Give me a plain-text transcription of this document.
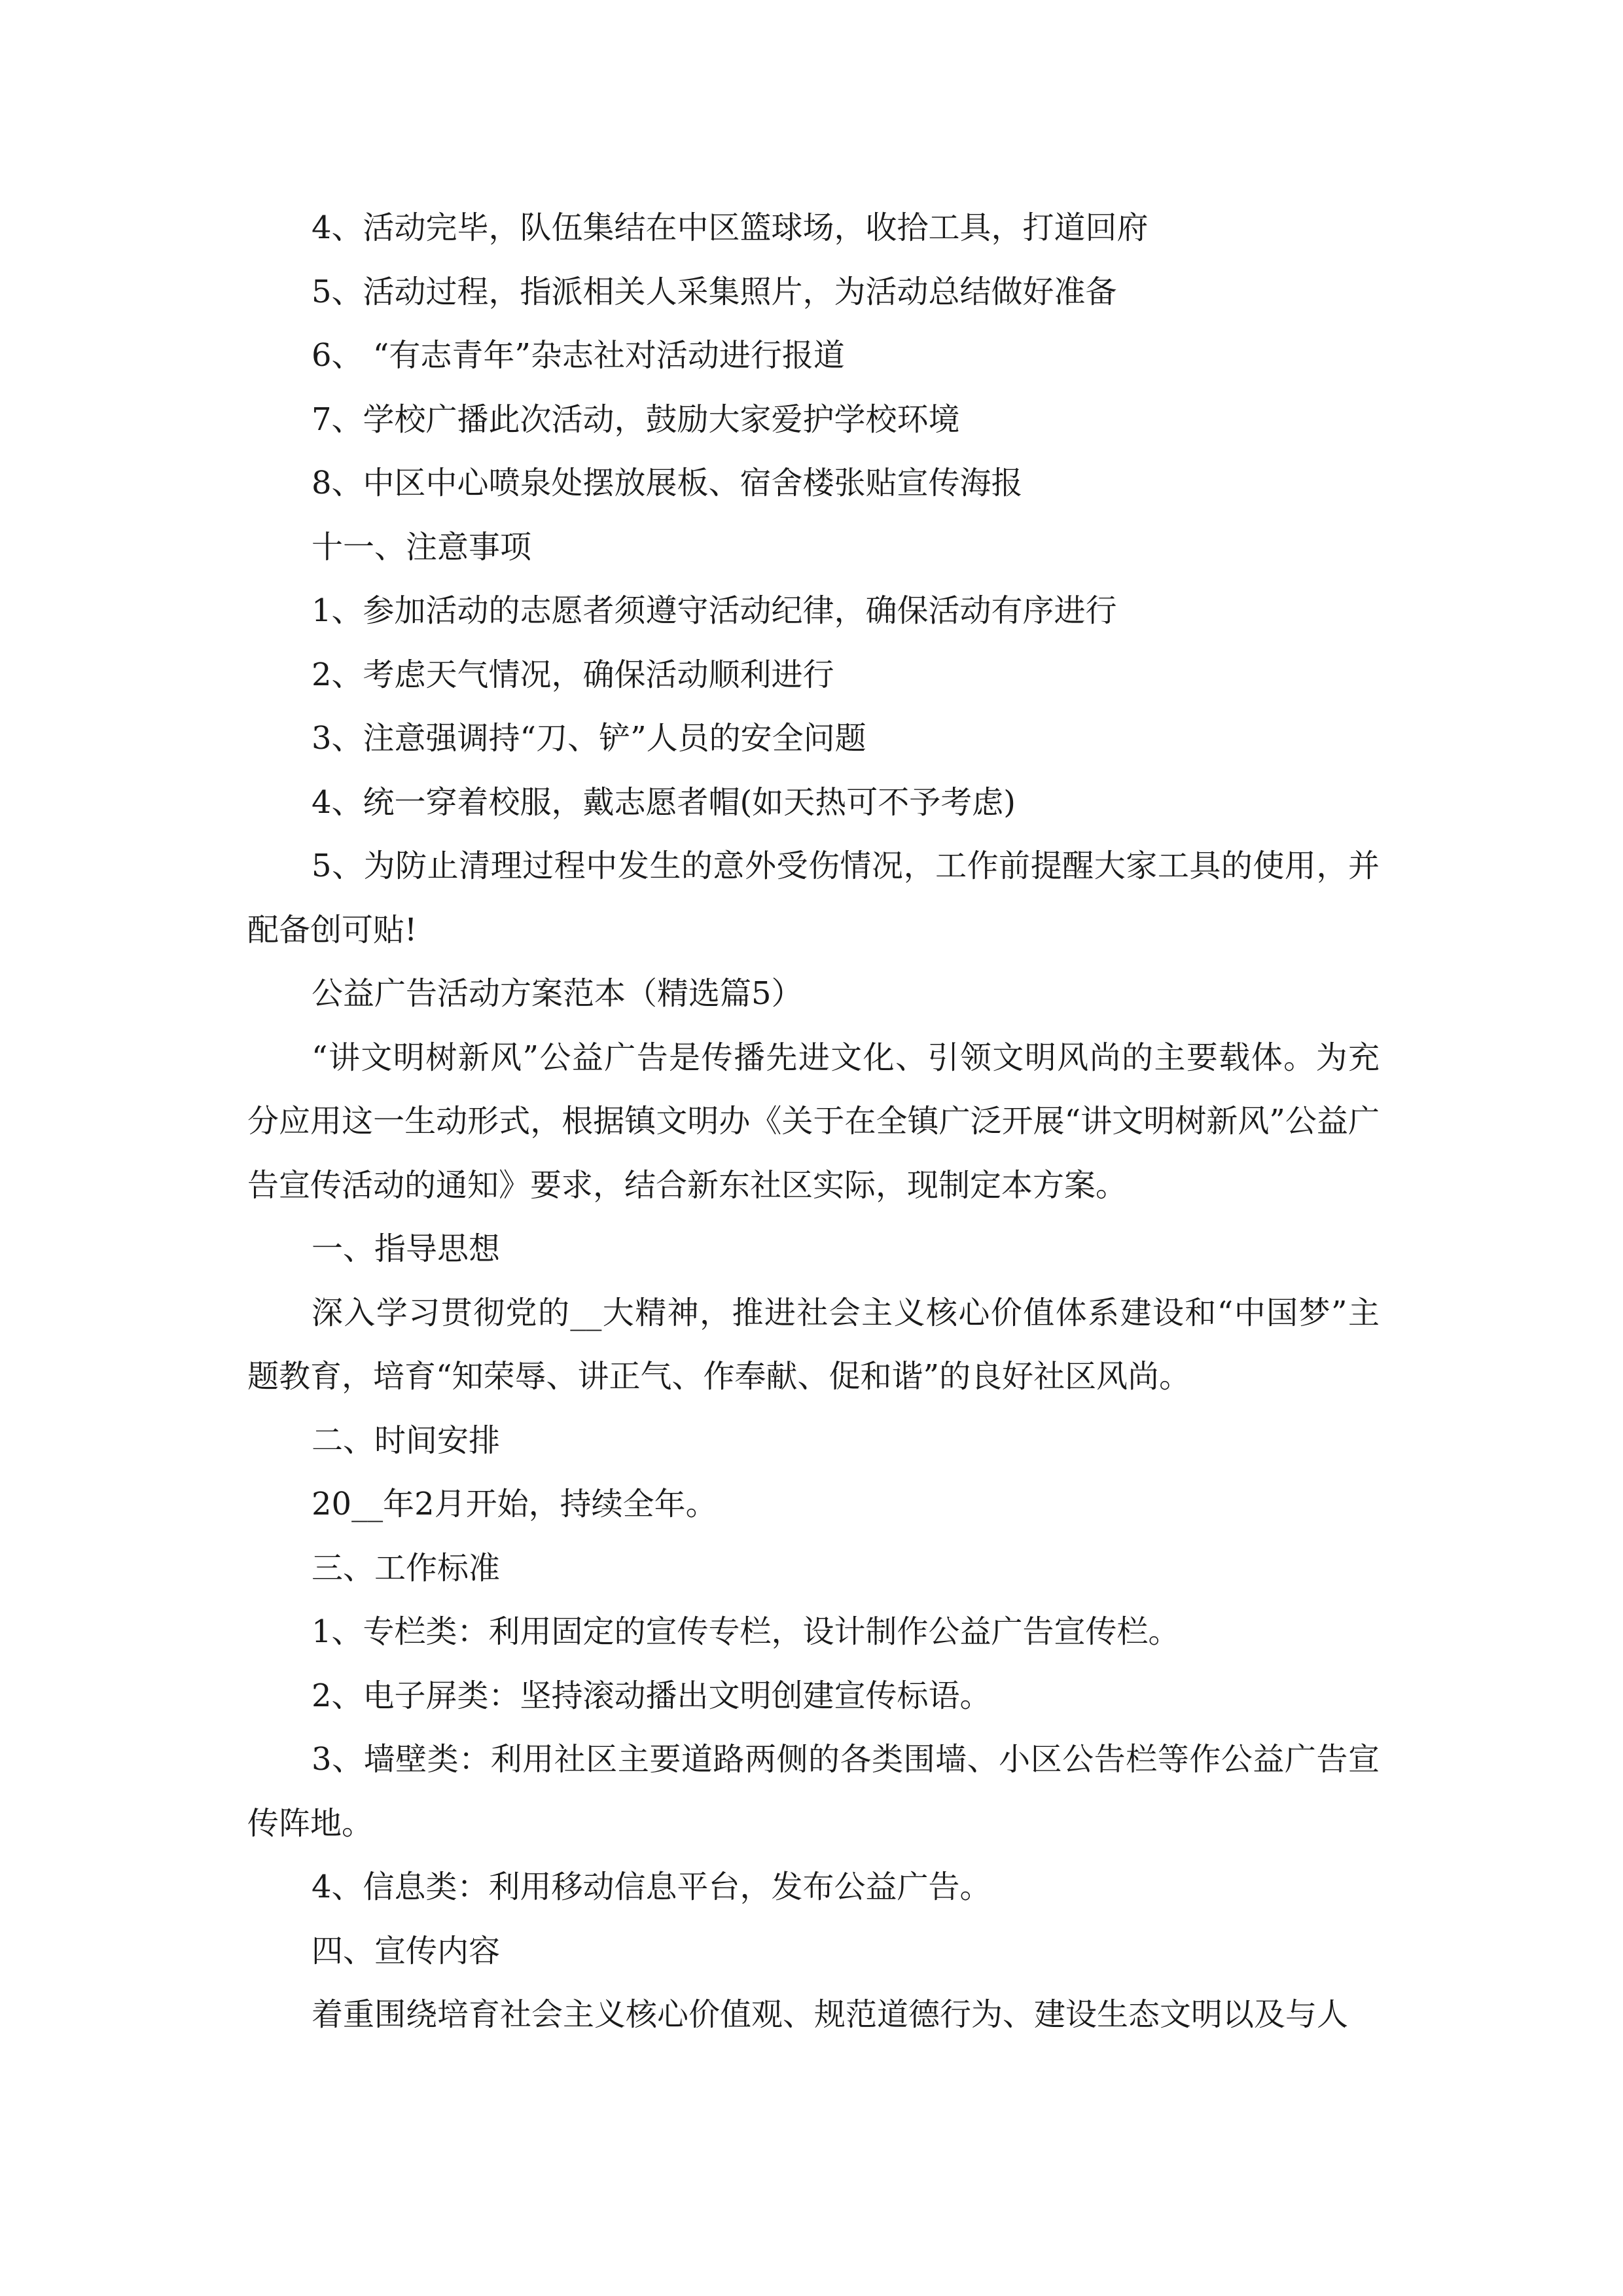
4、活动完毕，队伍集结在中区篮球场，收拾工具，打道回府

5、活动过程，指派相关人采集照片，为活动总结做好准备

6、 “有志青年”杂志社对活动进行报道

7、学校广播此次活动，鼓励大家爱护学校环境

8、中区中心喷泉处摆放展板、宿舍楼张贴宣传海报

十一、注意事项

1、参加活动的志愿者须遵守活动纪律，确保活动有序进行

2、考虑天气情况，确保活动顺利进行

3、注意强调持“刀、铲”人员的安全问题

4、统一穿着校服，戴志愿者帽(如天热可不予考虑)

5、为防止清理过程中发生的意外受伤情况，工作前提醒大家工具的使用，并配备创可贴!

公益广告活动方案范本（精选篇5）

“讲文明树新风”公益广告是传播先进文化、引领文明风尚的主要载体。为充分应用这一生动形式，根据镇文明办《关于在全镇广泛开展“讲文明树新风”公益广告宣传活动的通知》要求，结合新东社区实际，现制定本方案。

一、指导思想

深入学习贯彻党的__大精神，推进社会主义核心价值体系建设和“中国梦”主题教育，培育“知荣辱、讲正气、作奉献、促和谐”的良好社区风尚。

二、时间安排

20__年2月开始，持续全年。

三、工作标准

1、专栏类：利用固定的宣传专栏，设计制作公益广告宣传栏。

2、电子屏类：坚持滚动播出文明创建宣传标语。

3、墙壁类：利用社区主要道路两侧的各类围墙、小区公告栏等作公益广告宣传阵地。

4、信息类：利用移动信息平台，发布公益广告。

四、宣传内容

着重围绕培育社会主义核心价值观、规范道德行为、建设生态文明以及与人
